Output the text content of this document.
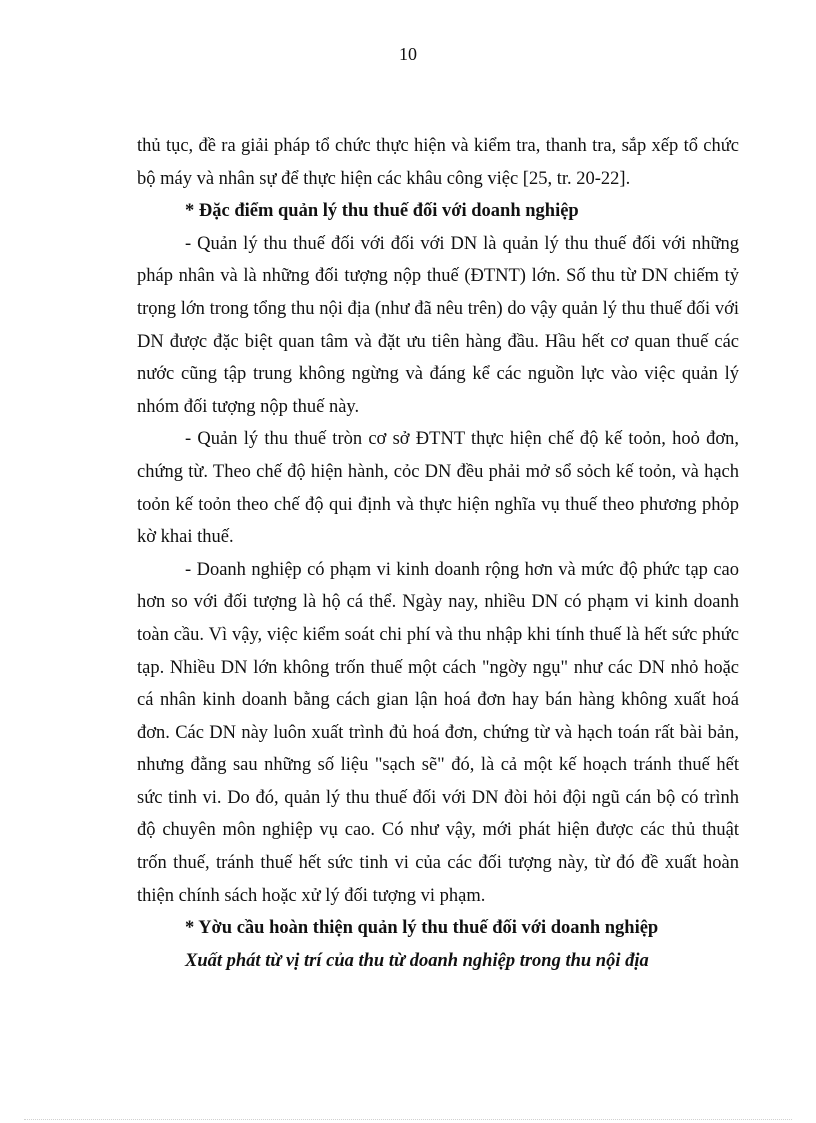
10

thủ tục, đề ra giải pháp tổ chức thực hiện và kiểm tra, thanh tra, sắp xếp tổ chức bộ máy và nhân sự để thực hiện các khâu công việc [25, tr. 20-22].

* Đặc điểm quản lý thu thuế đối với doanh nghiệp

- Quản lý thu thuế đối với đối với DN là quản lý thu thuế đối với những pháp nhân và là những đối tượng nộp thuế (ĐTNT) lớn. Số thu từ DN chiếm tỷ trọng lớn trong tổng thu nội địa (như đã nêu trên) do vậy quản lý thu thuế đối với DN được đặc biệt quan tâm và đặt ưu tiên hàng đầu. Hầu hết cơ quan thuế các nước cũng tập trung không ngừng và đáng kể các nguồn lực vào việc quản lý nhóm đối tượng nộp thuế này.

- Quản lý thu thuế tròn cơ sở ĐTNT thực hiện chế độ kế toỏn, hoỏ đơn, chứng từ. Theo chế độ hiện hành, cỏc DN đều phải mở sổ sỏch kế toỏn, và hạch toỏn kế toỏn theo chế độ qui định và thực hiện nghĩa vụ thuế theo phương phỏp kờ khai thuế.

- Doanh nghiệp có phạm vi kinh doanh rộng hơn và mức độ phức tạp cao hơn so với đối tượng là hộ cá thể. Ngày nay, nhiều DN có phạm vi kinh doanh toàn cầu. Vì vậy, việc kiểm soát chi phí và thu nhập khi tính thuế là hết sức phức tạp. Nhiều DN lớn không trốn thuế một cách "ngờy ngụ" như các DN nhỏ hoặc cá nhân kinh doanh bằng cách gian lận hoá đơn hay bán hàng không xuất hoá đơn. Các DN này luôn xuất trình đủ hoá đơn, chứng từ và hạch toán rất bài bản, nhưng đằng sau những số liệu "sạch sẽ" đó, là cả một kế hoạch tránh thuế hết sức tinh vi. Do đó, quản lý thu thuế đối với DN đòi hỏi đội ngũ cán bộ có trình độ chuyên môn nghiệp vụ cao. Có như vậy, mới phát hiện được các thủ thuật trốn thuế, tránh thuế hết sức tinh vi của các đối tượng này, từ đó đề xuất hoàn thiện chính sách hoặc xử lý đối tượng vi phạm.

* Yờu cầu hoàn thiện quản lý thu thuế đối với doanh nghiệp

Xuất phát từ vị trí của thu từ doanh nghiệp trong thu nội địa
